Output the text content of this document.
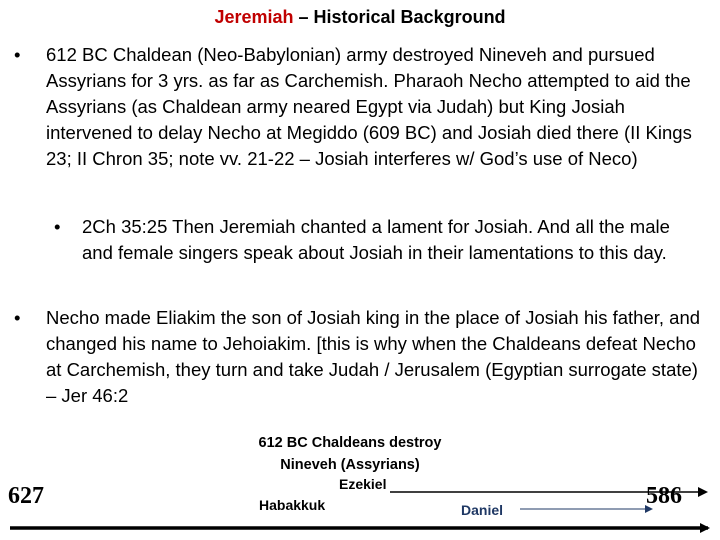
Jeremiah – Historical Background
• 612 BC Chaldean (Neo-Babylonian) army destroyed Nineveh and pursued Assyrians for 3 yrs. as far as Carchemish. Pharaoh Necho attempted to aid the Assyrians (as Chaldean army neared Egypt via Judah) but King Josiah intervened to delay Necho at Megiddo (609 BC) and Josiah died there (II Kings 23; II Chron 35; note vv. 21-22 – Josiah interferes w/ God’s use of Neco)
• 2Ch 35:25 Then Jeremiah chanted a lament for Josiah. And all the male and female singers speak about Josiah in their lamentations to this day.
• Necho made Eliakim the son of Josiah king in the place of Josiah his father, and changed his name to Jehoiakim. [this is why when the Chaldeans defeat Necho at Carchemish, they turn and take Judah / Jerusalem (Egyptian surrogate state) – Jer 46:2
627	586
612 BC Chaldeans destroy Nineveh (Assyrians)
Ezekiel
Habakkuk	Daniel
